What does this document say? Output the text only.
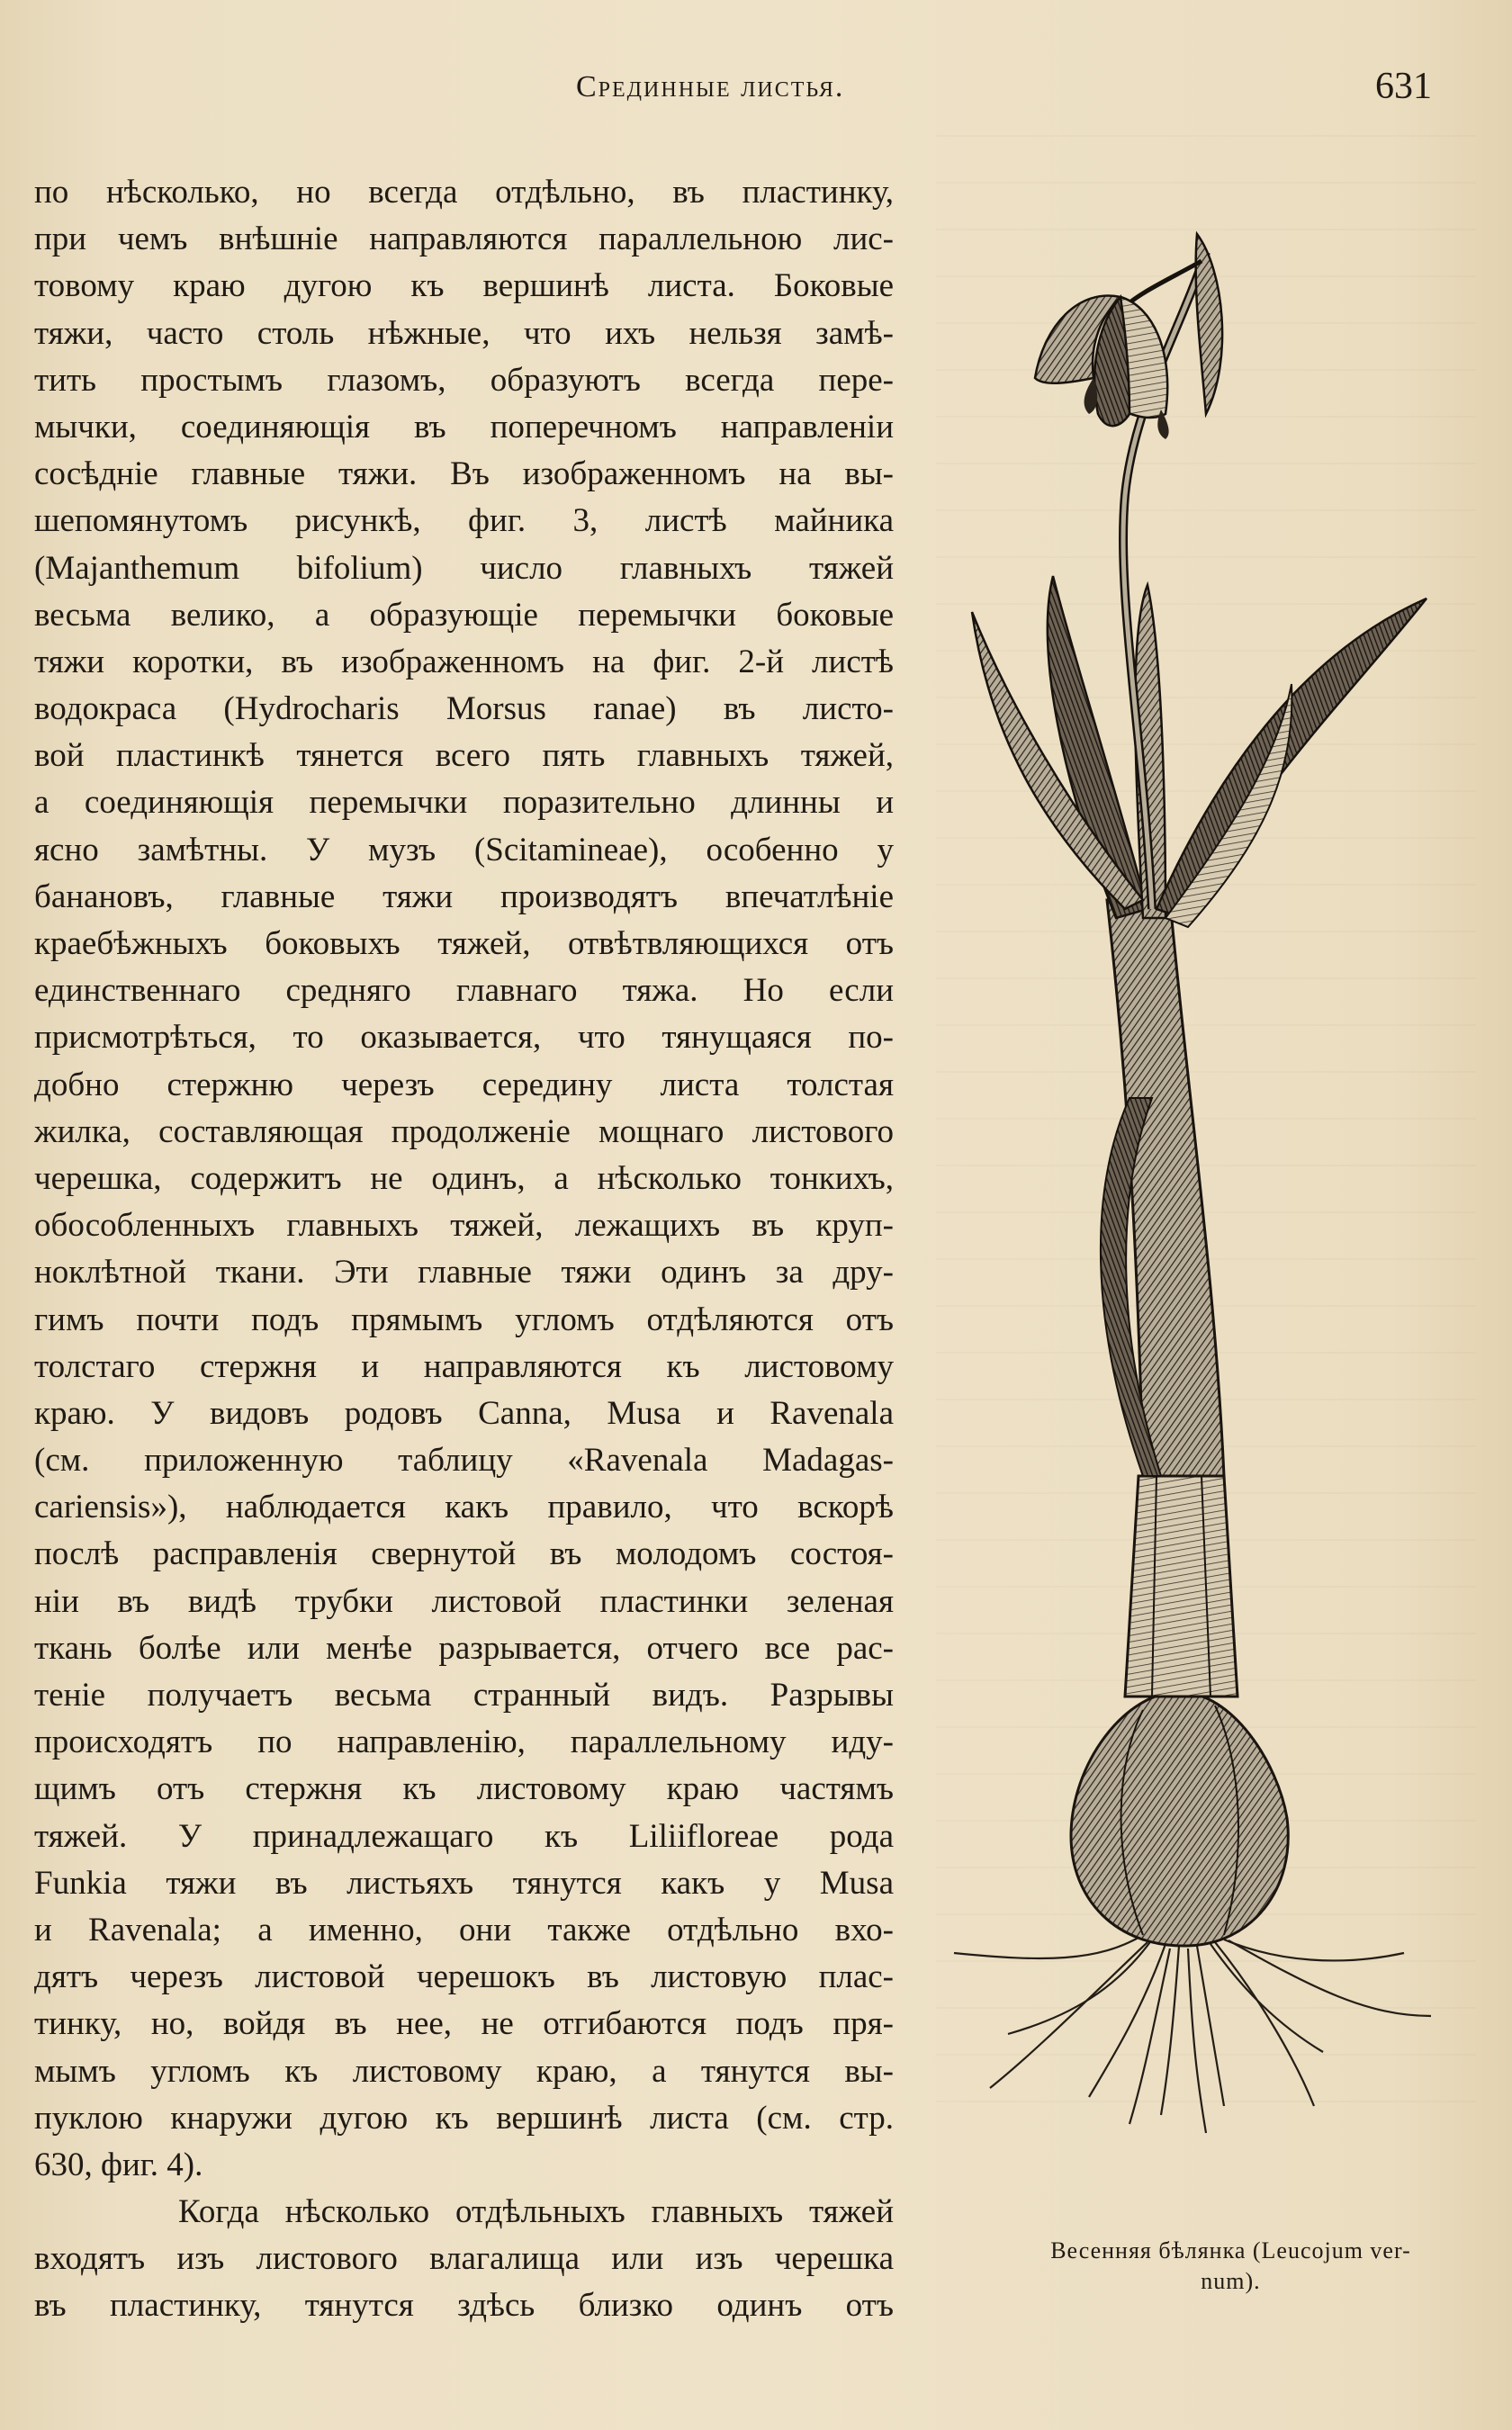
Срединные листья.	631
по нѣсколько, но всегда отдѣльно, въ пластинку,
при чемъ внѣшніе направляются параллельною лис-
товому краю дугою къ вершинѣ листа. Боковые
тяжи, часто столь нѣжные, что ихъ нельзя замѣ-
тить простымъ глазомъ, образуютъ всегда пере-
мычки, соединяющія въ поперечномъ направленіи
сосѣдніе главные тяжи. Въ изображенномъ на вы-
шепомянутомъ рисункѣ, фиг. 3, листѣ майника
(Majanthemum bifolium) число главныхъ тяжей
весьма велико, а образующіе перемычки боковые
тяжи коротки, въ изображенномъ на фиг. 2-й листѣ
водокраса (Hydrocharis Morsus ranae) въ листо-
вой пластинкѣ тянется всего пять главныхъ тяжей,
а соединяющія перемычки поразительно длинны и
ясно замѣтны. У музъ (Scitamineae), особенно у
банановъ, главные тяжи производятъ впечатлѣніе
краебѣжныхъ боковыхъ тяжей, отвѣтвляющихся отъ
единственнаго средняго главнаго тяжа. Но если
присмотрѣться, то оказывается, что тянущаяся по-
добно стержню черезъ середину листа толстая
жилка, составляющая продолженіе мощнаго листового
черешка, содержитъ не одинъ, а нѣсколько тонкихъ,
обособленныхъ главныхъ тяжей, лежащихъ въ круп-
ноклѣтной ткани. Эти главные тяжи одинъ за дру-
гимъ почти подъ прямымъ угломъ отдѣляются отъ
толстаго стержня и направляются къ листовому
краю. У видовъ родовъ Canna, Musa и Ravenala
(см. приложенную таблицу «Ravenala Madagas-
cariensis»), наблюдается какъ правило, что вскорѣ
послѣ расправленія свернутой въ молодомъ состоя-
ніи въ видѣ трубки листовой пластинки зеленая
ткань болѣе или менѣе разрывается, отчего все рас-
теніе получаетъ весьма странный видъ. Разрывы
происходятъ по направленію, параллельному иду-
щимъ отъ стержня къ листовому краю частямъ
тяжей. У принадлежащаго къ Liliifloreae рода
Funkia тяжи въ листьяхъ тянутся какъ у Musa
и Ravenala; а именно, они также отдѣльно вхо-
дятъ черезъ листовой черешокъ въ листовую плас-
тинку, но, войдя въ нее, не отгибаются подъ пря-
мымъ угломъ къ листовому краю, а тянутся вы-
пуклою кнаружи дугою къ вершинѣ листа (см. стр.
630, фиг. 4).
Когда нѣсколько отдѣльныхъ главныхъ тяжей
входятъ изъ листового влагалища или изъ черешка
въ пластинку, тянутся здѣсь близко одинъ отъ
Весенняя бѣлянка (Leucojum ver-
num).
